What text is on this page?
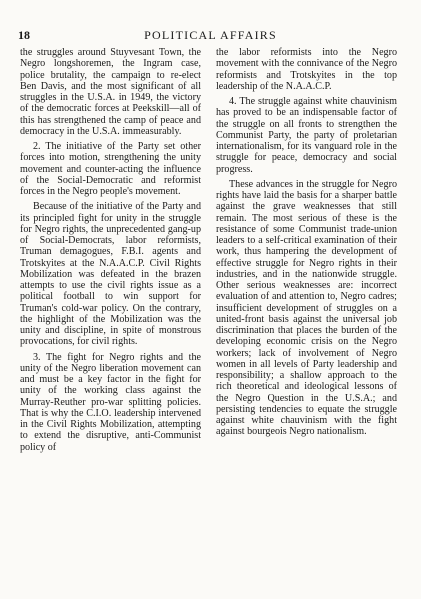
18	POLITICAL AFFAIRS

the struggles around Stuyvesant Town, the Negro longshoremen, the Ingram case, police brutality, the campaign to re-elect Ben Davis, and the most significant of all struggles in the U.S.A. in 1949, the victory of the democratic forces at Peekskill—all of this has strengthened the camp of peace and democracy in the U.S.A. immeasurably.

2. The initiative of the Party set other forces into motion, strengthening the unity movement and counter-acting the influence of the Social-Democratic and reformist forces in the Negro people's movement.

Because of the initiative of the Party and its principled fight for unity in the struggle for Negro rights, the unprecedented gang-up of Social-Democrats, labor reformists, Truman demagogues, F.B.I. agents and Trotskyites at the N.A.A.C.P. Civil Rights Mobilization was defeated in the brazen attempts to use the civil rights issue as a political football to win support for Truman's cold-war policy. On the contrary, the highlight of the Mobilization was the unity and discipline, in spite of monstrous provocations, for civil rights.

3. The fight for Negro rights and the unity of the Negro liberation movement can and must be a key factor in the fight for unity of the working class against the Murray-Reuther pro-war splitting policies. That is why the C.I.O. leadership intervened in the Civil Rights Mobilization, attempting to extend the disruptive, anti-Communist policy of

the labor reformists into the Negro movement with the connivance of the Negro reformists and Trotskyites in the top leadership of the N.A.A.C.P.

4. The struggle against white chauvinism has proved to be an indispensable factor of the struggle on all fronts to strengthen the Communist Party, the party of proletarian internationalism, for its vanguard role in the struggle for peace, democracy and social progress.

These advances in the struggle for Negro rights have laid the basis for a sharper battle against the grave weaknesses that still remain. The most serious of these is the resistance of some Communist trade-union leaders to a self-critical examination of their work, thus hampering the development of effective struggle for Negro rights in their industries, and in the nationwide struggle. Other serious weaknesses are: incorrect evaluation of and attention to, Negro cadres; insufficient development of struggles on a united-front basis against the universal job discrimination that places the burden of the developing economic crisis on the Negro workers; lack of involvement of Negro women in all levels of Party leadership and responsibility; a shallow approach to the rich theoretical and ideological lessons of the Negro Question in the U.S.A.; and persisting tendencies to equate the struggle against white chauvinism with the fight against bourgeois Negro nationalism.
